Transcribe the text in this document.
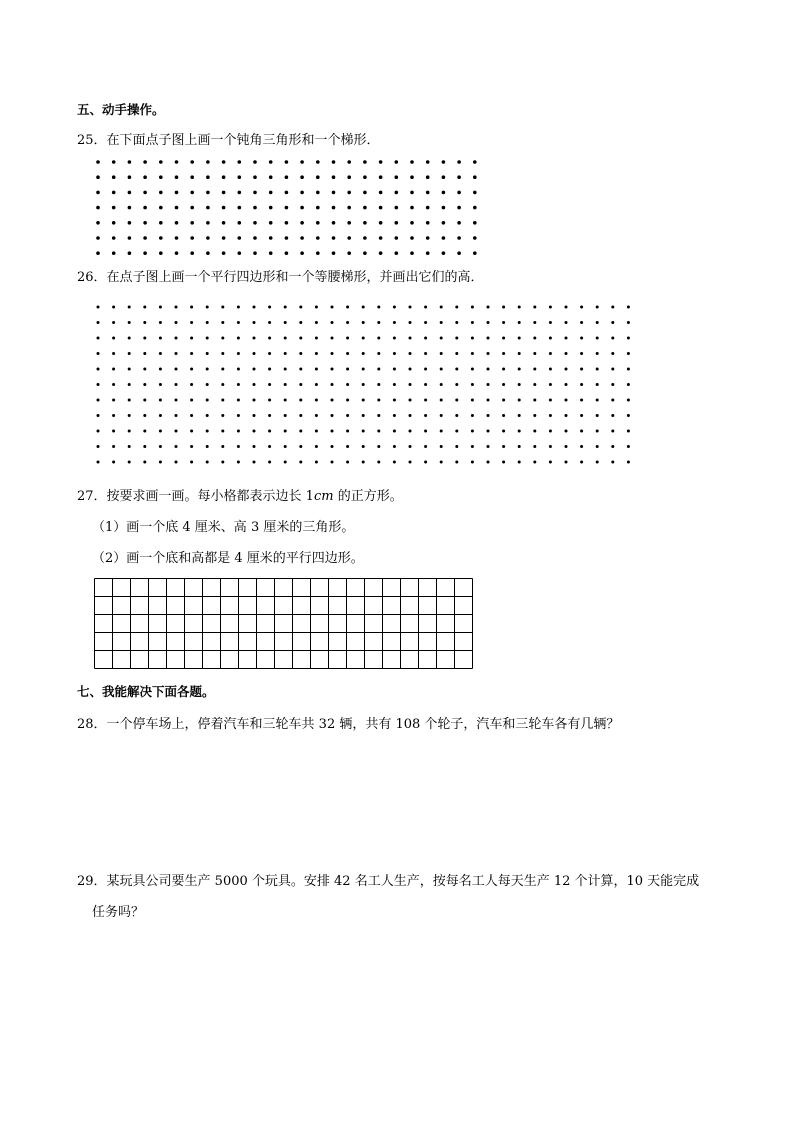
五、动手操作。
25．在下面点子图上画一个钝角三角形和一个梯形．
26．在点子图上画一个平行四边形和一个等腰梯形，并画出它们的高．
27．按要求画一画。每小格都表示边长 1cm 的正方形。
（1）画一个底 4 厘米、高 3 厘米的三角形。
（2）画一个底和高都是 4 厘米的平行四边形。
七、我能解决下面各题。
28．一个停车场上，停着汽车和三轮车共 32 辆，共有 108 个轮子，汽车和三轮车各有几辆？
29．某玩具公司要生产 5000 个玩具。安排 42 名工人生产，按每名工人每天生产 12 个计算，10 天能完成
任务吗？
